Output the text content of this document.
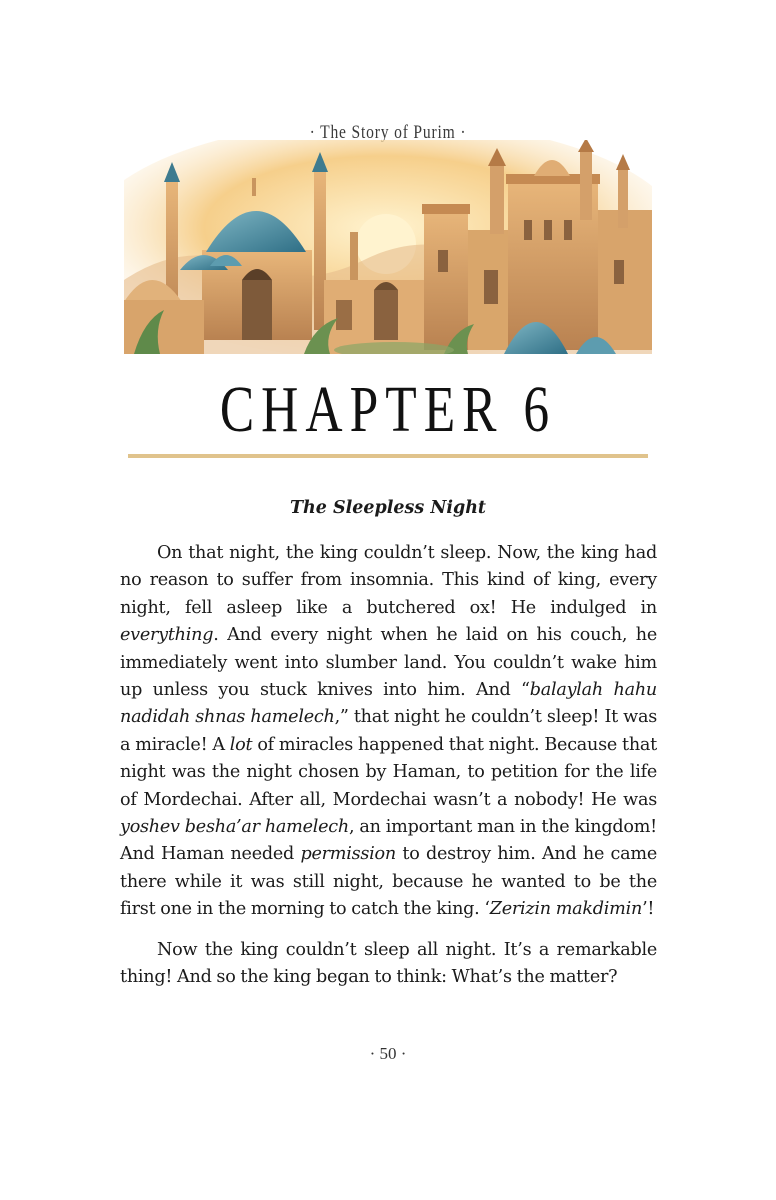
· The Story of Purim ·
CHAPTER 6
The Sleepless Night

On that night, the king couldn’t sleep. Now, the king had no reason to suffer from insomnia. This kind of king, every night, fell asleep like a butchered ox! He indulged in everything. And every night when he laid on his couch, he immediately went into slumber land. You couldn’t wake him up unless you stuck knives into him. And “balaylah hahu nadidah shnas hamelech,” that night he couldn’t sleep! It was a miracle! A lot of miracles happened that night. Because that night was the night chosen by Haman, to petition for the life of Mordechai. After all, Mordechai wasn’t a nobody! He was yoshev besha’ar hamelech, an important man in the kingdom! And Haman needed permission to destroy him. And he came there while it was still night, because he wanted to be the first one in the morning to catch the king. ‘Zerizin makdimin’!

Now the king couldn’t sleep all night. It’s a remarkable thing! And so the king began to think: What’s the matter?

· 50 ·
